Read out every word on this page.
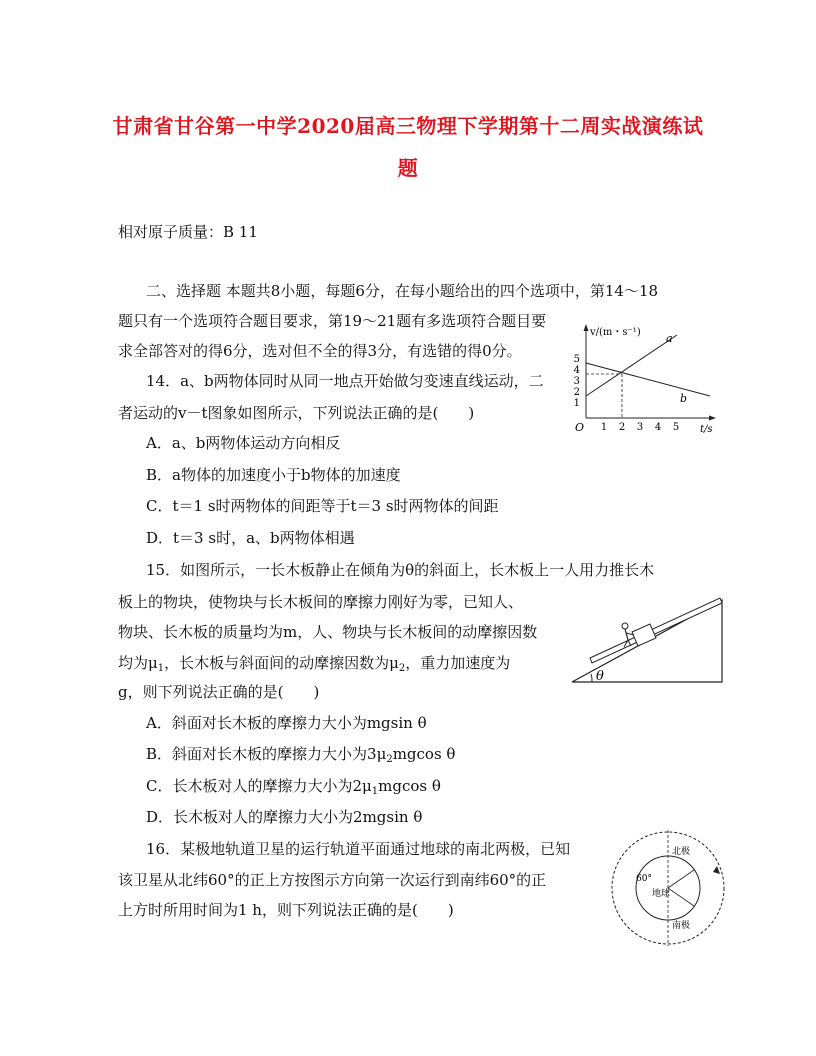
甘肃省甘谷第一中学2020届高三物理下学期第十二周实战演练试
题
相对原子质量：B 11
二、选择题 本题共8小题，每题6分，在每小题给出的四个选项中，第14～18
题只有一个选项符合题目要求，第19～21题有多选项符合题目要
求全部答对的得6分，选对但不全的得3分，有选错的得0分。
14．a、b两物体同时从同一地点开始做匀变速直线运动，二
者运动的v－t图象如图所示，下列说法正确的是(　　)
A．a、b两物体运动方向相反
B．a物体的加速度小于b物体的加速度
C．t＝1 s时两物体的间距等于t＝3 s时两物体的间距
D．t＝3 s时，a、b两物体相遇
v/(m・s⁻¹)
t/s
O
1
2
3
4
5
1 2 3 4 5
a
b
15．如图所示，一长木板静止在倾角为θ的斜面上，长木板上一人用力推长木
板上的物块，使物块与长木板间的摩擦力刚好为零，已知人、
物块、长木板的质量均为m，人、物块与长木板间的动摩擦因数
均为$\mu_1$，长木板与斜面间的动摩擦因数为$\mu_2$，重力加速度为
g，则下列说法正确的是(　　)
A．斜面对长木板的摩擦力大小为mgsin θ
B．斜面对长木板的摩擦力大小为$3\mu_2mgcos$ θ
C．长木板对人的摩擦力大小为$2\mu_1mgcos$ θ
D．长木板对人的摩擦力大小为2mgsin θ
θ
16．某极地轨道卫星的运行轨道平面通过地球的南北两极，已知
该卫星从北纬60°的正上方按图示方向第一次运行到南纬60°的正
上方时所用时间为1 h，则下列说法正确的是(　　)
北极
60°
地球
南极
